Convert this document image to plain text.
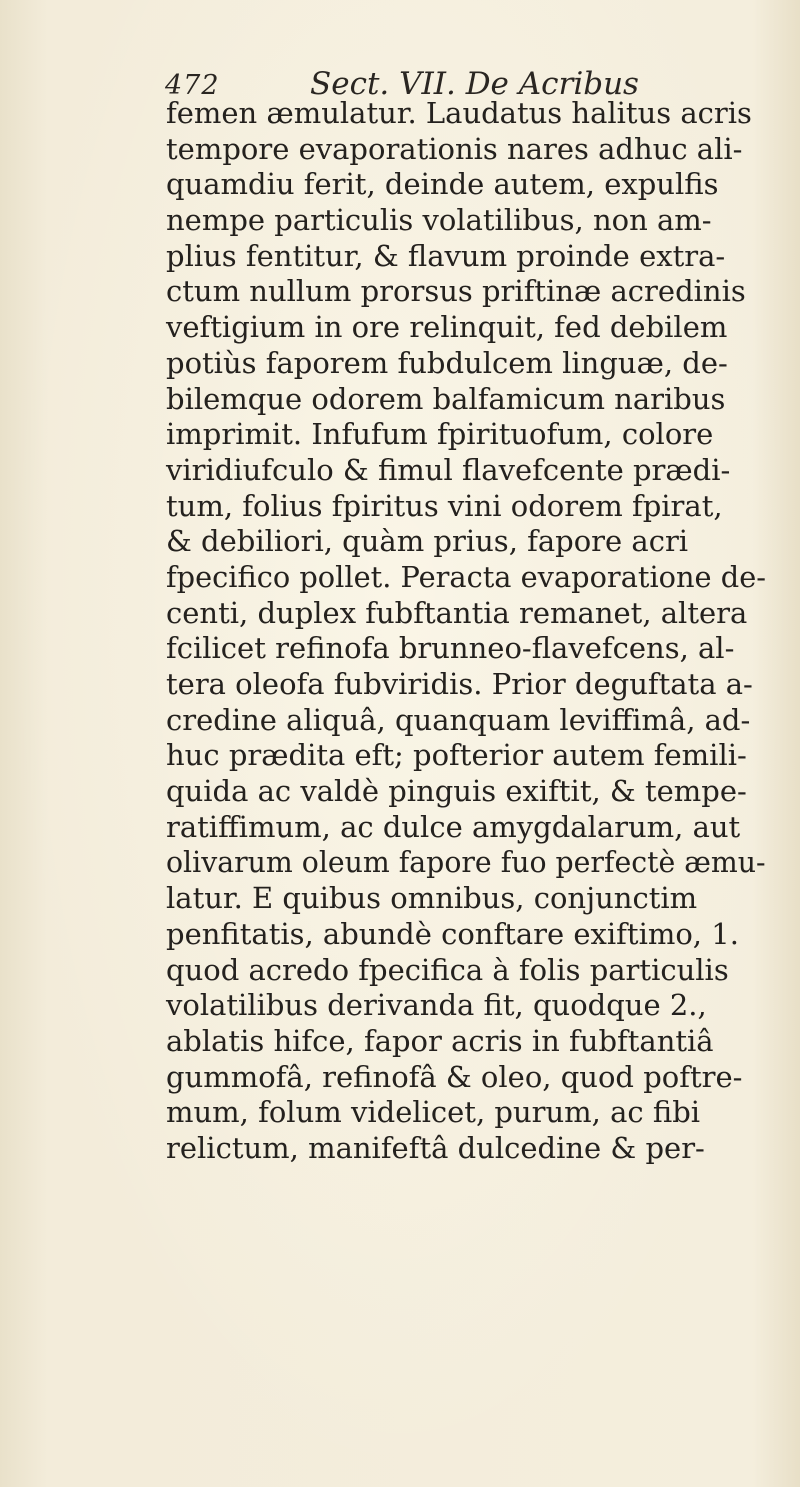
472	Sect. VII. De Acribus
femen æmulatur. Laudatus halitus acris
tempore evaporationis nares adhuc ali-
quamdiu ferit, deinde autem, expulfis
nempe particulis volatilibus, non am-
plius fentitur, & flavum proinde extra-
ctum nullum prorsus priftinæ acredinis
veftigium in ore relinquit, fed debilem
potiùs faporem fubdulcem linguæ, de-
bilemque odorem balfamicum naribus
imprimit. Infufum fpirituofum, colore
viridiufculo & fimul flavefcente prædi-
tum, folius fpiritus vini odorem fpirat,
& debiliori, quàm prius, fapore acri
fpecifico pollet. Peracta evaporatione de-
centi, duplex fubftantia remanet, altera
fcilicet refinofa brunneo-flavefcens, al-
tera oleofa fubviridis. Prior deguftata a-
credine aliquâ, quanquam leviffimâ, ad-
huc prædita eft; pofterior autem femili-
quida ac valdè pinguis exiftit, & tempe-
ratiffimum, ac dulce amygdalarum, aut
olivarum oleum fapore fuo perfectè æmu-
latur. E quibus omnibus, conjunctim
penfitatis, abundè conftare exiftimo, 1.
quod acredo fpecifica à folis particulis
volatilibus derivanda fit, quodque 2.,
ablatis hifce, fapor acris in fubftantiâ
gummofâ, refinofâ & oleo, quod poftre-
mum, folum videlicet, purum, ac fibi
relictum, manifeftâ dulcedine & per-
